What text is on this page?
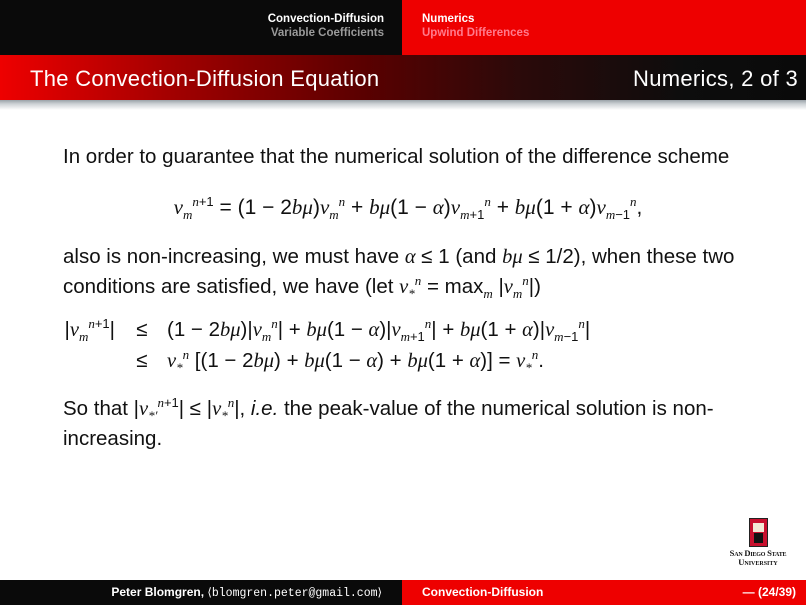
Convection-Diffusion
Variable Coefficients
Numerics
Upwind Differences
The Convection-Diffusion Equation	Numerics, 2 of 3

In order to guarantee that the numerical solution of the difference scheme

$v_m^{n+1} = (1 - 2b\mu)v_m^n + b\mu(1 - \alpha)v_{m+1}^n + b\mu(1 + \alpha)v_{m-1}^n$,

also is non-increasing, we must have α ≤ 1 (and bμ ≤ 1/2), when these two conditions are satisfied, we have (let $v_*^n = \max_m |v_m^n|$)

$|v_m^{n+1}|$	≤ $(1 - 2b\mu)|v_m^n| + b\mu(1 - \alpha)|v_{m+1}^n| + b\mu(1 + \alpha)|v_{m-1}^n|$
≤ $v_*^n$ $[(1 - 2b\mu) + b\mu(1 - \alpha) + b\mu(1 + \alpha)] = v_*^n$.

So that $|v_{*'}^{n+1}| \le |v_*^n|$, i.e. the peak-value of the numerical solution is non-increasing.

San Diego State
University
Peter Blomgren, ⟨blomgren.peter@gmail.com⟩	Convection-Diffusion	— (24/39)
